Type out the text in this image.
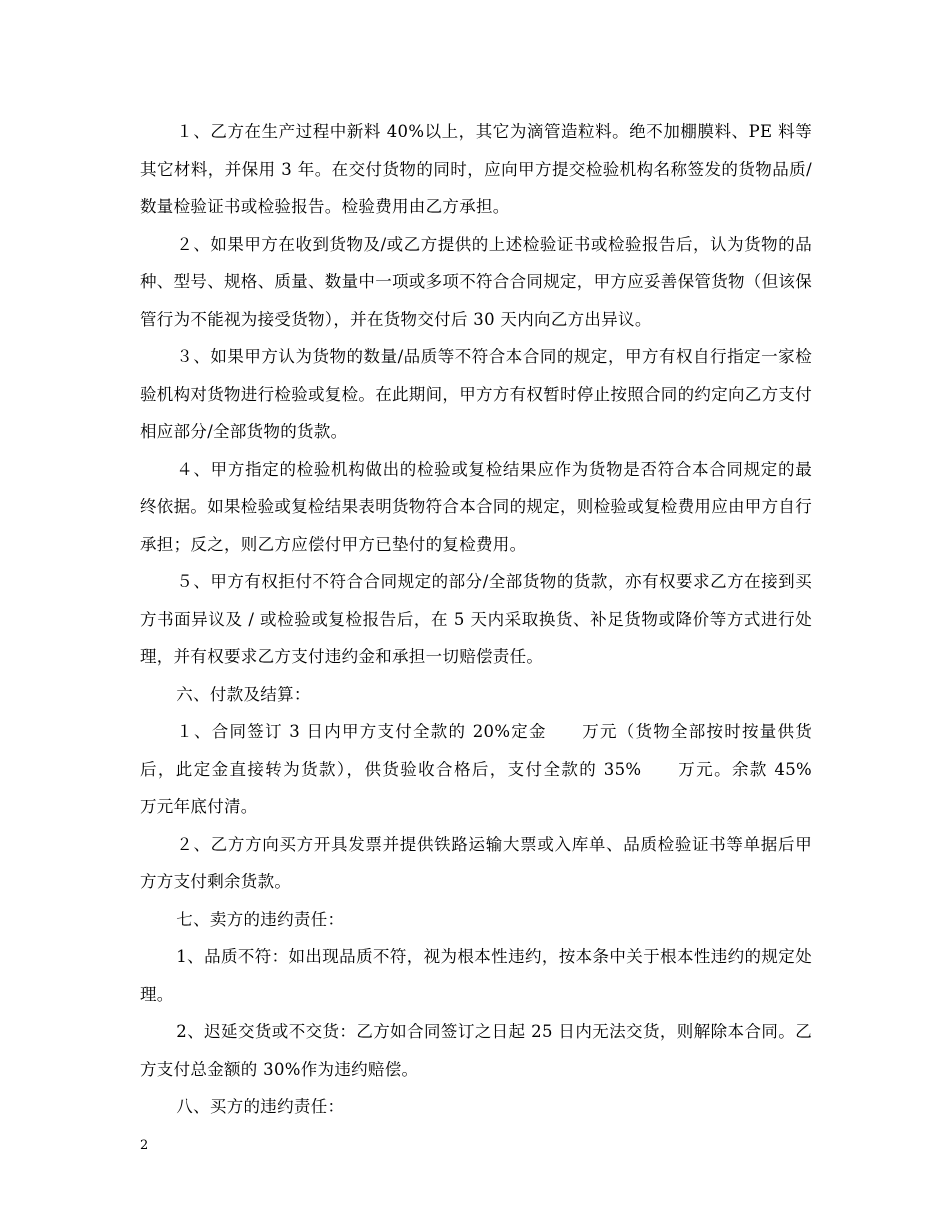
１、乙方在生产过程中新料 40%以上，其它为滴管造粒料。绝不加棚膜料、PE 料等其它材料，并保用 3 年。在交付货物的同时，应向甲方提交检验机构名称签发的货物品质/数量检验证书或检验报告。检验费用由乙方承担。

２、如果甲方在收到货物及/或乙方提供的上述检验证书或检验报告后，认为货物的品种、型号、规格、质量、数量中一项或多项不符合合同规定，甲方应妥善保管货物（但该保管行为不能视为接受货物），并在货物交付后 30 天内向乙方出异议。

３、如果甲方认为货物的数量/品质等不符合本合同的规定，甲方有权自行指定一家检验机构对货物进行检验或复检。在此期间，甲方方有权暂时停止按照合同的约定向乙方支付相应部分/全部货物的货款。

４、甲方指定的检验机构做出的检验或复检结果应作为货物是否符合本合同规定的最终依据。如果检验或复检结果表明货物符合本合同的规定，则检验或复检费用应由甲方自行承担；反之，则乙方应偿付甲方已垫付的复检费用。

５、甲方有权拒付不符合合同规定的部分/全部货物的货款，亦有权要求乙方在接到买方书面异议及 / 或检验或复检报告后，在 5 天内采取换货、补足货物或降价等方式进行处理，并有权要求乙方支付违约金和承担一切赔偿责任。

六、付款及结算：

１、合同签订 3 日内甲方支付全款的 20%定金　　万元（货物全部按时按量供货后，此定金直接转为货款），供货验收合格后，支付全款的 35%　　万元。余款 45%　　万元年底付清。

２、乙方方向买方开具发票并提供铁路运输大票或入库单、品质检验证书等单据后甲方方支付剩余货款。

七、卖方的违约责任：

1、品质不符：如出现品质不符，视为根本性违约，按本条中关于根本性违约的规定处理。

2、迟延交货或不交货：乙方如合同签订之日起 25 日内无法交货，则解除本合同。乙方支付总金额的 30%作为违约赔偿。

八、买方的违约责任：

2
